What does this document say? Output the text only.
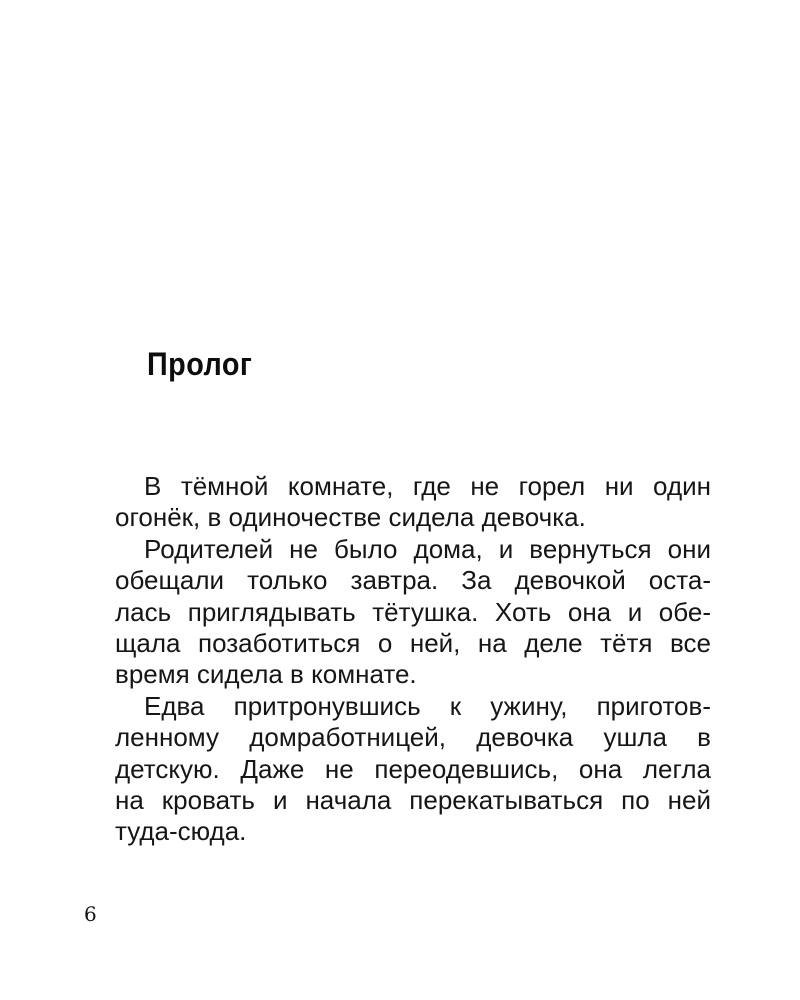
Пролог
В тёмной комнате, где не горел ни один
огонёк, в одиночестве сидела девочка.
Родителей не было дома, и вернуться они
обещали только завтра. За девочкой оста-
лась приглядывать тётушка. Хоть она и обе-
щала позаботиться о ней, на деле тётя все
время сидела в комнате.
Едва притронувшись к ужину, приготов-
ленному домработницей, девочка ушла в
детскую. Даже не переодевшись, она легла
на кровать и начала перекатываться по ней
туда-сюда.
6
